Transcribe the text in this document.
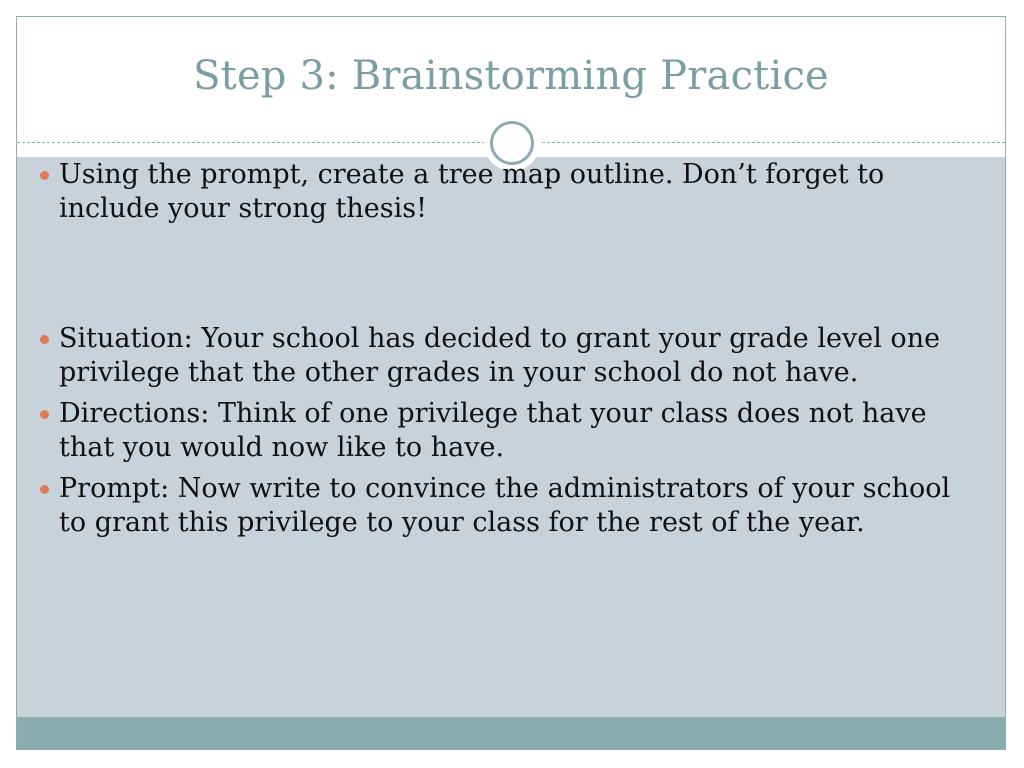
Step 3: Brainstorming Practice
Using the prompt, create a tree map outline. Don’t forget to include your strong thesis!
Situation: Your school has decided to grant your grade level one privilege that the other grades in your school do not have.
Directions: Think of one privilege that your class does not have that you would now like to have.
Prompt: Now write to convince the administrators of your school to grant this privilege to your class for the rest of the year.
